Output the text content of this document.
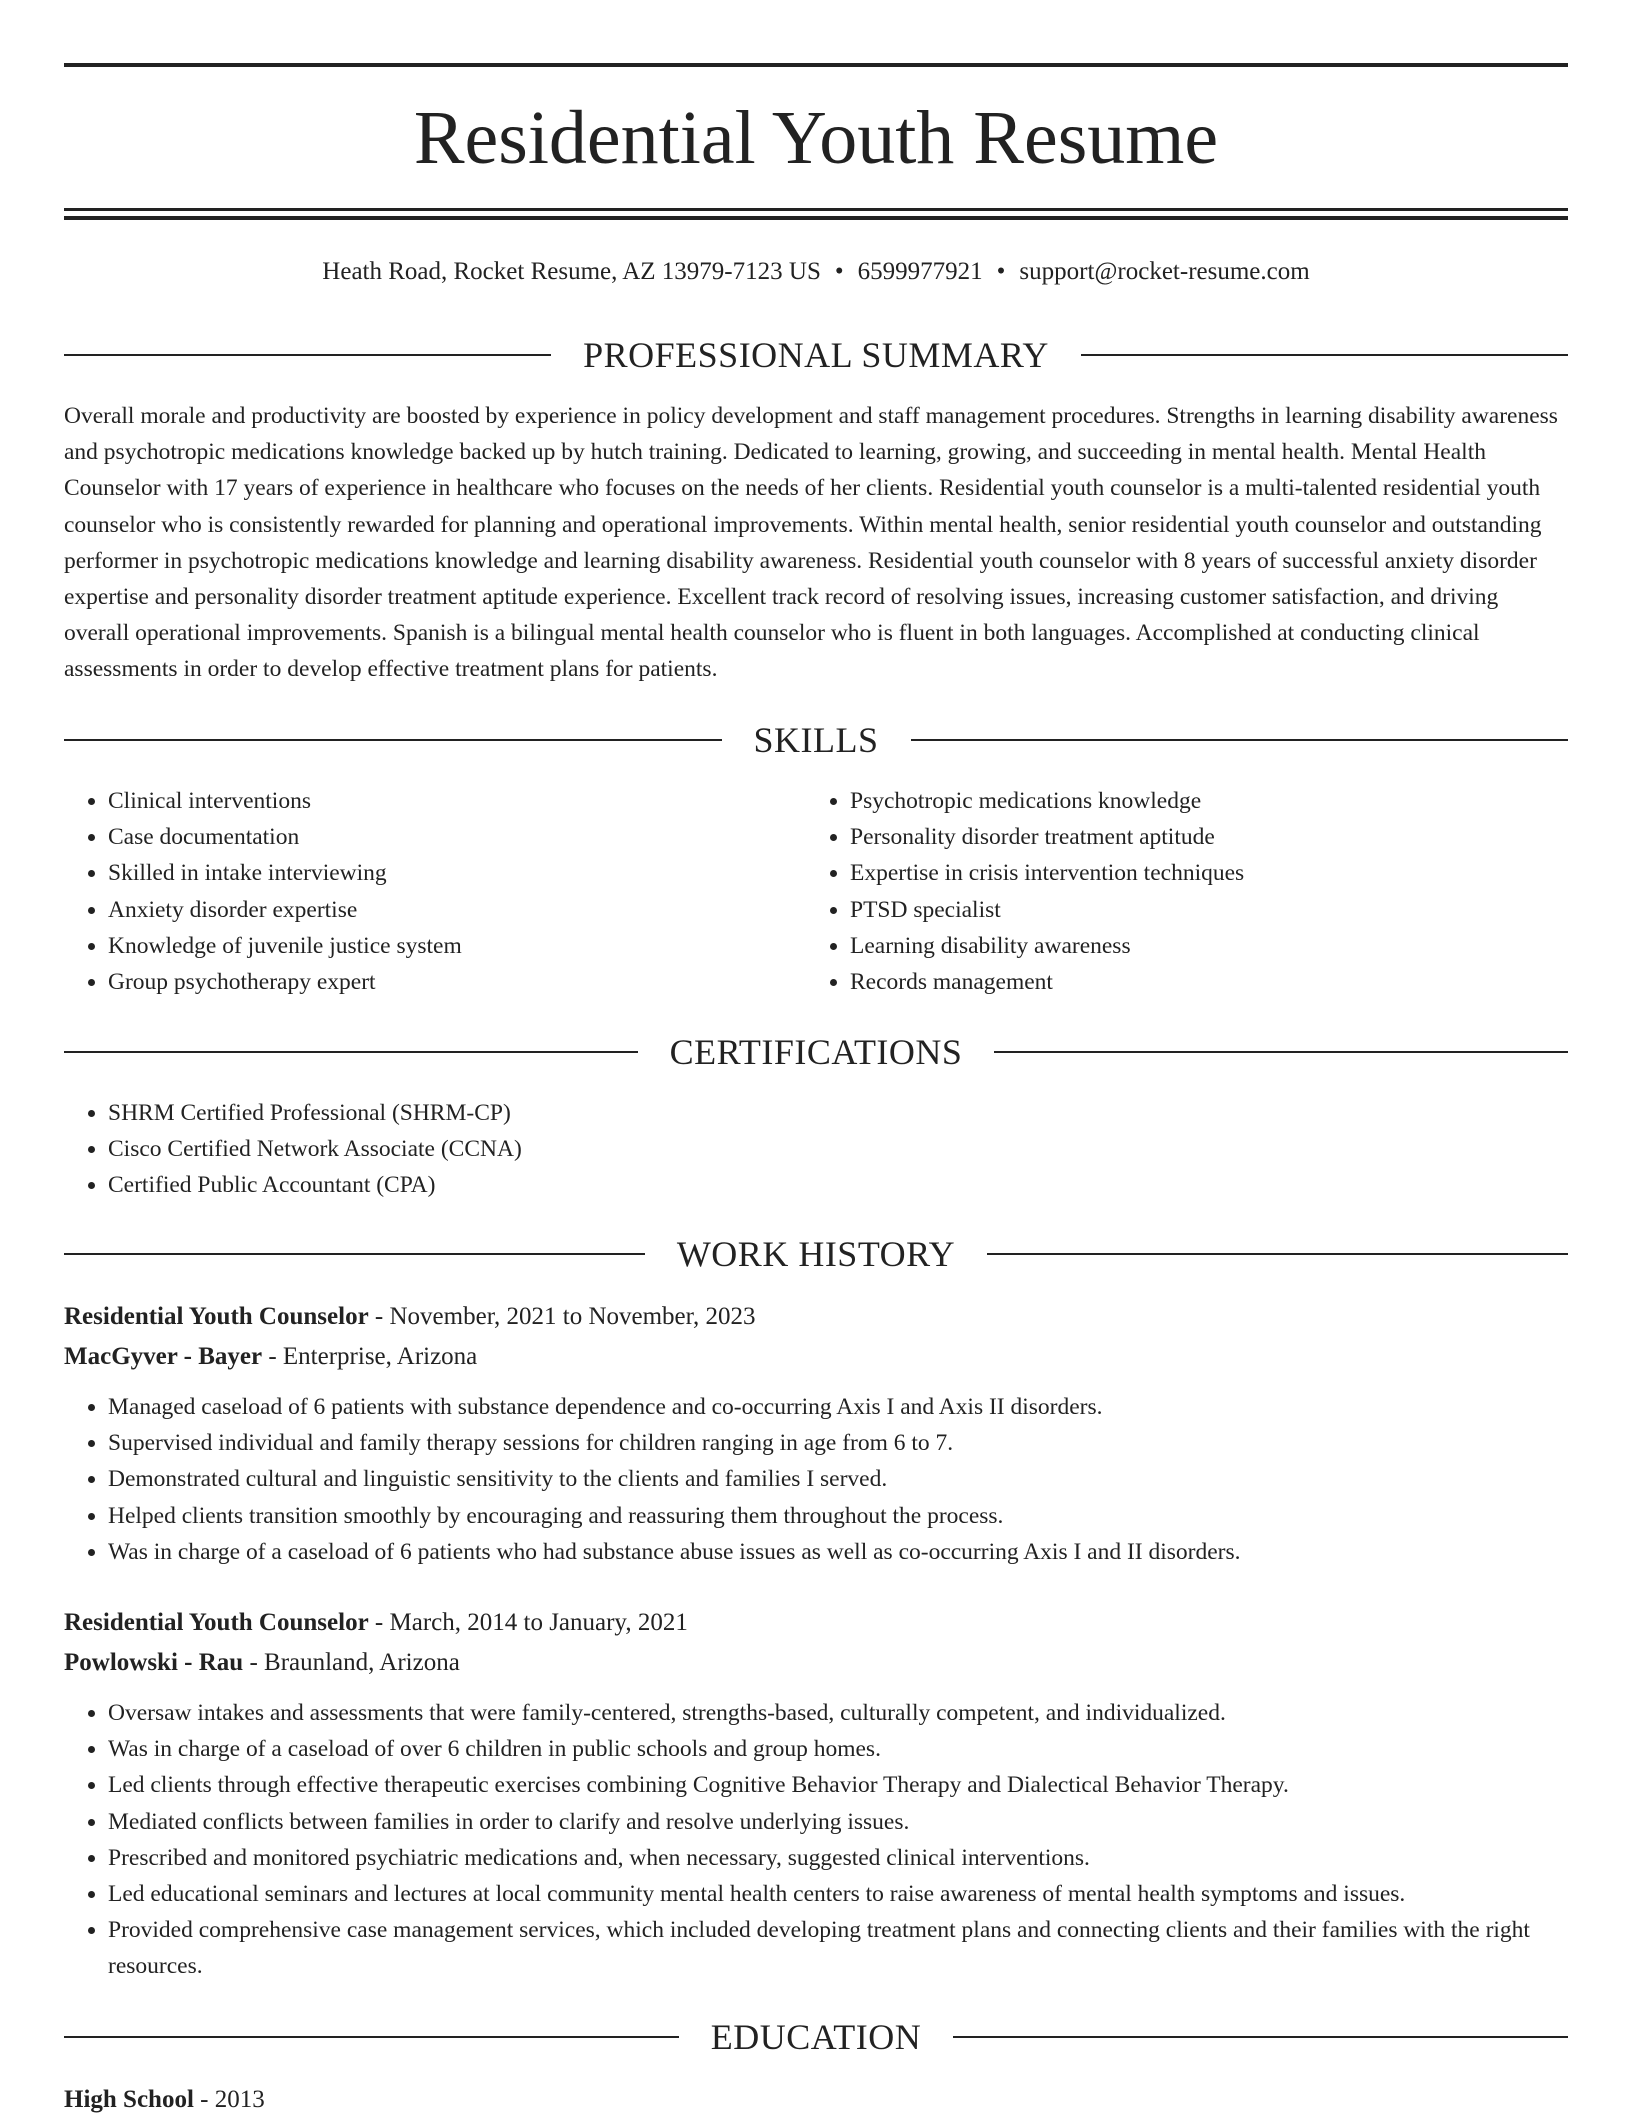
Residential Youth Resume
Heath Road, Rocket Resume, AZ 13979-7123 US • 6599977921 • support@rocket-resume.com
PROFESSIONAL SUMMARY

Overall morale and productivity are boosted by experience in policy development and staff management procedures. Strengths in learning disability awareness and psychotropic medications knowledge backed up by hutch training. Dedicated to learning, growing, and succeeding in mental health. Mental Health Counselor with 17 years of experience in healthcare who focuses on the needs of her clients. Residential youth counselor is a multi-talented residential youth counselor who is consistently rewarded for planning and operational improvements. Within mental health, senior residential youth counselor and outstanding performer in psychotropic medications knowledge and learning disability awareness. Residential youth counselor with 8 years of successful anxiety disorder expertise and personality disorder treatment aptitude experience. Excellent track record of resolving issues, increasing customer satisfaction, and driving overall operational improvements. Spanish is a bilingual mental health counselor who is fluent in both languages. Accomplished at conducting clinical assessments in order to develop effective treatment plans for patients.

SKILLS
• Clinical interventions
• Case documentation
• Skilled in intake interviewing
• Anxiety disorder expertise
• Knowledge of juvenile justice system
• Group psychotherapy expert
• Psychotropic medications knowledge
• Personality disorder treatment aptitude
• Expertise in crisis intervention techniques
• PTSD specialist
• Learning disability awareness
• Records management
CERTIFICATIONS
• SHRM Certified Professional (SHRM-CP)
• Cisco Certified Network Associate (CCNA)
• Certified Public Accountant (CPA)
WORK HISTORY
Residential Youth Counselor - November, 2021 to November, 2023
MacGyver - Bayer - Enterprise, Arizona
• Managed caseload of 6 patients with substance dependence and co-occurring Axis I and Axis II disorders.
• Supervised individual and family therapy sessions for children ranging in age from 6 to 7.
• Demonstrated cultural and linguistic sensitivity to the clients and families I served.
• Helped clients transition smoothly by encouraging and reassuring them throughout the process.
• Was in charge of a caseload of 6 patients who had substance abuse issues as well as co-occurring Axis I and II disorders.
Residential Youth Counselor - March, 2014 to January, 2021
Powlowski - Rau - Braunland, Arizona
• Oversaw intakes and assessments that were family-centered, strengths-based, culturally competent, and individualized.
• Was in charge of a caseload of over 6 children in public schools and group homes.
• Led clients through effective therapeutic exercises combining Cognitive Behavior Therapy and Dialectical Behavior Therapy.
• Mediated conflicts between families in order to clarify and resolve underlying issues.
• Prescribed and monitored psychiatric medications and, when necessary, suggested clinical interventions.
• Led educational seminars and lectures at local community mental health centers to raise awareness of mental health symptoms and issues.
• Provided comprehensive case management services, which included developing treatment plans and connecting clients and their families with the right resources.
EDUCATION
High School - 2013
